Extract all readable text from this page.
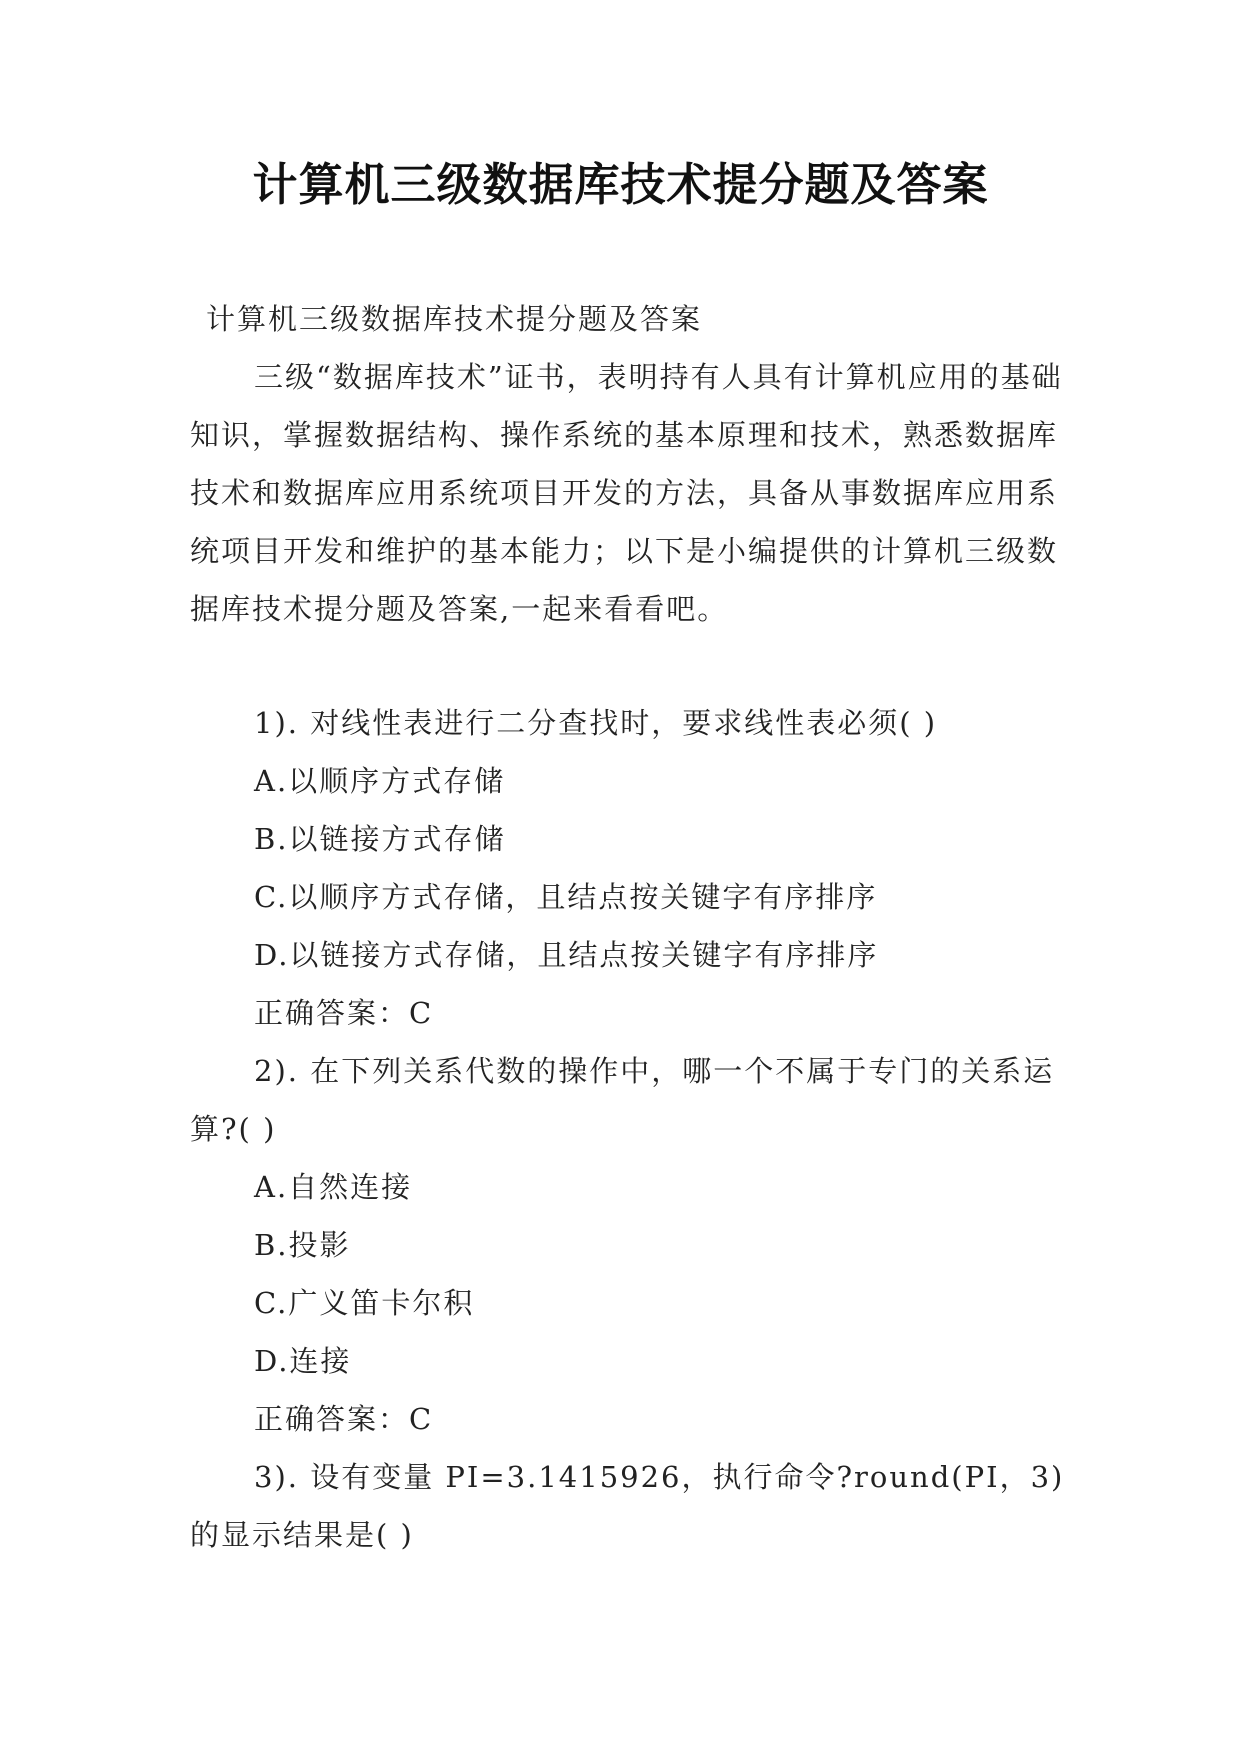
计算机三级数据库技术提分题及答案

计算机三级数据库技术提分题及答案

三级“数据库技术”证书，表明持有人具有计算机应用的基础知识，掌握数据结构、操作系统的基本原理和技术，熟悉数据库技术和数据库应用系统项目开发的方法，具备从事数据库应用系统项目开发和维护的基本能力；以下是小编提供的计算机三级数据库技术提分题及答案,一起来看看吧。

1). 对线性表进行二分查找时，要求线性表必须( )

A.以顺序方式存储

B.以链接方式存储

C.以顺序方式存储，且结点按关键字有序排序

D.以链接方式存储，且结点按关键字有序排序

正确答案：C

2). 在下列关系代数的操作中，哪一个不属于专门的关系运算?( )

A.自然连接

B.投影

C.广义笛卡尔积

D.连接

正确答案：C

3). 设有变量 PI=3.1415926，执行命令?round(PI，3)的显示结果是( )
